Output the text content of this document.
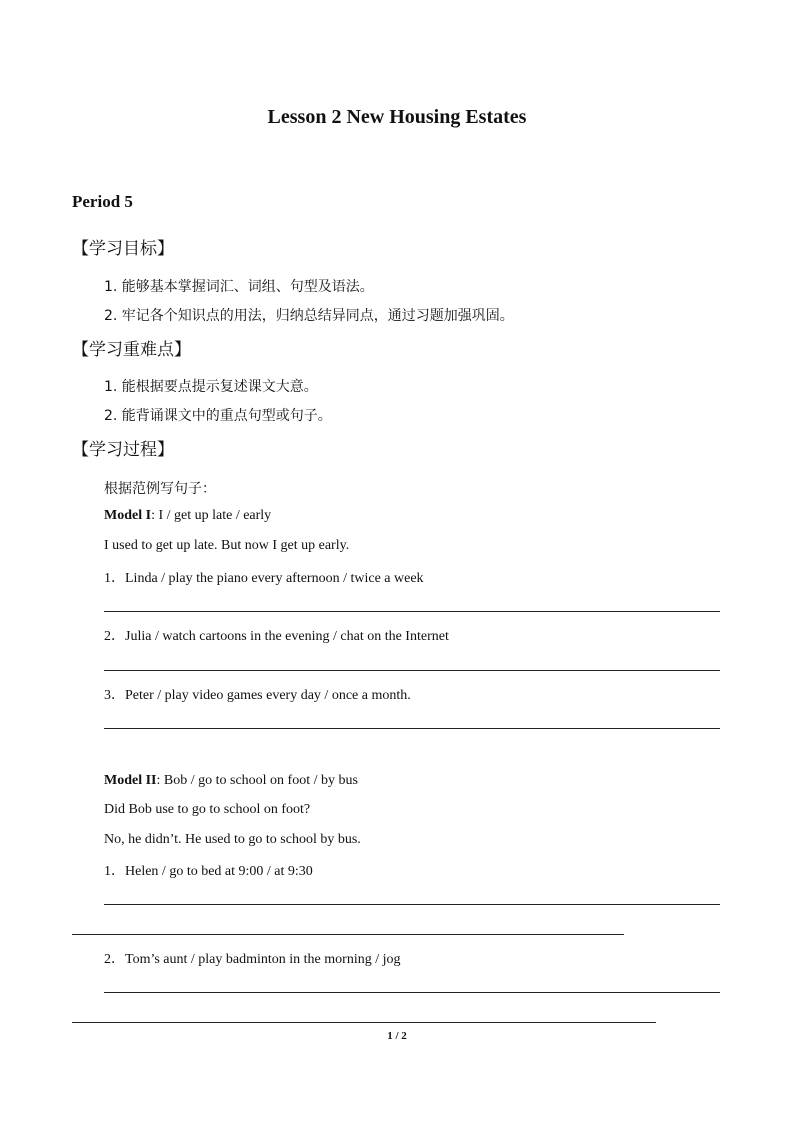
Lesson 2 New Housing Estates
Period 5
【学习目标】
1. 能够基本掌握词汇、词组、句型及语法。
2. 牢记各个知识点的用法，归纳总结异同点，通过习题加强巩固。
【学习重难点】
1. 能根据要点提示复述课文大意。
2. 能背诵课文中的重点句型或句子。
【学习过程】
根据范例写句子：
Model I: I / get up late / early
I used to get up late. But now I get up early.
1．Linda / play the piano every afternoon / twice a week
2．Julia / watch cartoons in the evening / chat on the Internet
3．Peter / play video games every day / once a month.
Model II: Bob / go to school on foot / by bus
Did Bob use to go to school on foot?
No, he didn’t. He used to go to school by bus.
1．Helen / go to bed at 9:00 / at 9:30
2．Tom’s aunt / play badminton in the morning / jog
1 / 2
